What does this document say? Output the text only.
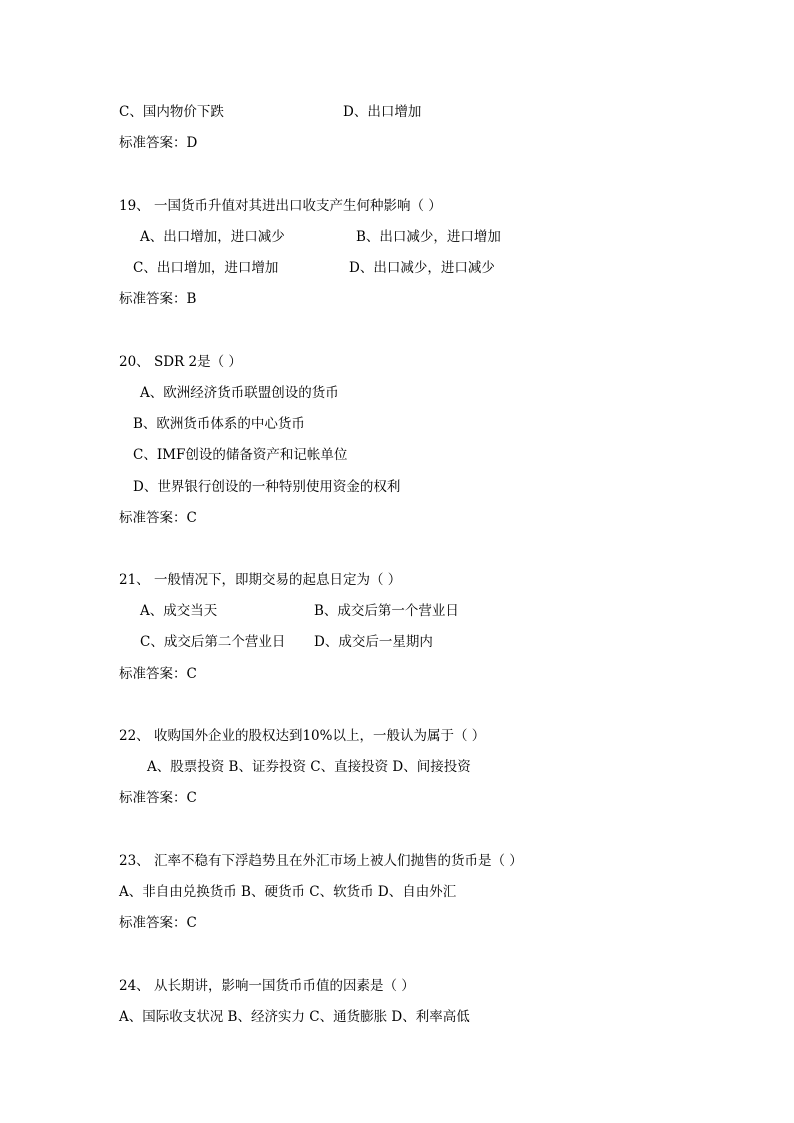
C、国内物价下跌	D、出口增加
标准答案：D
19、 一国货币升值对其进出口收支产生何种影响（ ）
A、出口增加，进口减少	B、出口减少，进口增加
C、出口增加，进口增加	D、出口减少，进口减少
标准答案：B
20、 SDR 2是（ ）
A、欧洲经济货币联盟创设的货币
B、欧洲货币体系的中心货币
C、IMF创设的储备资产和记帐单位
D、世界银行创设的一种特别使用资金的权利
标准答案：C
21、 一般情况下，即期交易的起息日定为（ ）
A、成交当天	B、成交后第一个营业日
C、成交后第二个营业日 D、成交后一星期内
标准答案：C
22、 收购国外企业的股权达到10%以上，一般认为属于（ ）
A、股票投资 B、证券投资 C、直接投资 D、间接投资
标准答案：C
23、 汇率不稳有下浮趋势且在外汇市场上被人们抛售的货币是（ ）
A、非自由兑换货币 B、硬货币 C、软货币 D、自由外汇
标准答案：C
24、 从长期讲，影响一国货币币值的因素是（ ）
A、国际收支状况 B、经济实力 C、通货膨胀 D、利率高低
